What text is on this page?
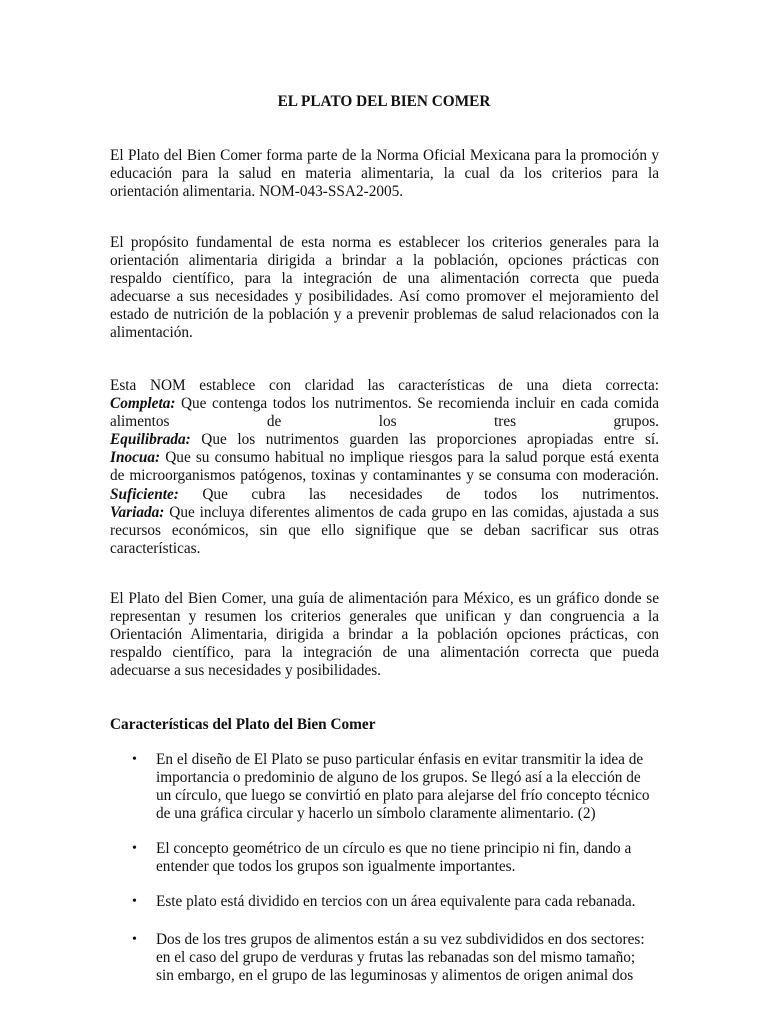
EL PLATO DEL BIEN COMER
El Plato del Bien Comer forma parte de la Norma Oficial Mexicana para la promoción y
educación para la salud en materia alimentaria, la cual da los criterios para la
orientación alimentaria. NOM-043-SSA2-2005.
El propósito fundamental de esta norma es establecer los criterios generales para la
orientación alimentaria dirigida a brindar a la población, opciones prácticas con
respaldo científico, para la integración de una alimentación correcta que pueda
adecuarse a sus necesidades y posibilidades. Así como promover el mejoramiento del
estado de nutrición de la población y a prevenir problemas de salud relacionados con la
alimentación.
Esta NOM establece con claridad las características de una dieta correcta:
Completa: Que contenga todos los nutrimentos. Se recomienda incluir en cada comida
alimentos de los tres grupos.
Equilibrada: Que los nutrimentos guarden las proporciones apropiadas entre sí.
Inocua: Que su consumo habitual no implique riesgos para la salud porque está exenta
de microorganismos patógenos, toxinas y contaminantes y se consuma con moderación.
Suficiente: Que cubra las necesidades de todos los nutrimentos.
Variada: Que incluya diferentes alimentos de cada grupo en las comidas, ajustada a sus
recursos económicos, sin que ello signifique que se deban sacrificar sus otras
características.
El Plato del Bien Comer, una guía de alimentación para México, es un gráfico donde se
representan y resumen los criterios generales que unifican y dan congruencia a la
Orientación Alimentaria, dirigida a brindar a la población opciones prácticas, con
respaldo científico, para la integración de una alimentación correcta que pueda
adecuarse a sus necesidades y posibilidades.
Características del Plato del Bien Comer
• En el diseño de El Plato se puso particular énfasis en evitar transmitir la idea de
importancia o predominio de alguno de los grupos. Se llegó así a la elección de
un círculo, que luego se convirtió en plato para alejarse del frío concepto técnico
de una gráfica circular y hacerlo un símbolo claramente alimentario. (2)
• El concepto geométrico de un círculo es que no tiene principio ni fin, dando a
entender que todos los grupos son igualmente importantes.
• Este plato está dividido en tercios con un área equivalente para cada rebanada.
• Dos de los tres grupos de alimentos están a su vez subdivididos en dos sectores:
en el caso del grupo de verduras y frutas las rebanadas son del mismo tamaño;
sin embargo, en el grupo de las leguminosas y alimentos de origen animal dos
